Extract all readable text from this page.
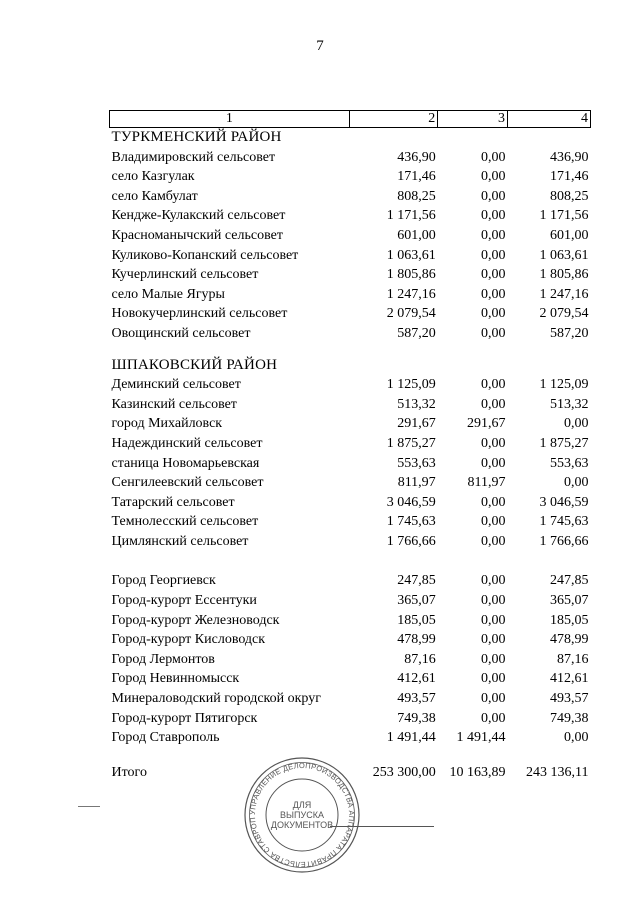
7
1	2	3	4
ТУРКМЕНСКИЙ РАЙОН			
Владимировский сельсовет	436,90	0,00	436,90
село Казгулак	171,46	0,00	171,46
село Камбулат	808,25	0,00	808,25
Кендже-Кулакский сельсовет	1 171,56	0,00	1 171,56
Красноманычский сельсовет	601,00	0,00	601,00
Куликово-Копанский сельсовет	1 063,61	0,00	1 063,61
Кучерлинский сельсовет	1 805,86	0,00	1 805,86
село Малые Ягуры	1 247,16	0,00	1 247,16
Новокучерлинский сельсовет	2 079,54	0,00	2 079,54
Овощинский сельсовет	587,20	0,00	587,20

ШПАКОВСКИЙ РАЙОН			
Деминский сельсовет	1 125,09	0,00	1 125,09
Казинский сельсовет	513,32	0,00	513,32
город Михайловск	291,67	291,67	0,00
Надеждинский сельсовет	1 875,27	0,00	1 875,27
станица Новомарьевская	553,63	0,00	553,63
Сенгилеевский сельсовет	811,97	811,97	0,00
Татарский сельсовет	3 046,59	0,00	3 046,59
Темнолесский сельсовет	1 745,63	0,00	1 745,63
Цимлянский сельсовет	1 766,66	0,00	1 766,66

Город Георгиевск	247,85	0,00	247,85
Город-курорт Ессентуки	365,07	0,00	365,07
Город-курорт Железноводск	185,05	0,00	185,05
Город-курорт Кисловодск	478,99	0,00	478,99
Город Лермонтов	87,16	0,00	87,16
Город Невинномысск	412,61	0,00	412,61
Минераловодский городской округ	493,57	0,00	493,57
Город-курорт Пятигорск	749,38	0,00	749,38
Город Ставрополь	1 491,44	1 491,44	0,00

Итого	253 300,00	10 163,89	243 136,11
УПРАВЛЕНИЕ ДЕЛОПРОИЗВОДСТВА АППАРАТА ПРАВИТЕЛЬСТВА СТАВРОП
ДЛЯ
ВЫПУСКА
ДОКУМЕНТОВ
